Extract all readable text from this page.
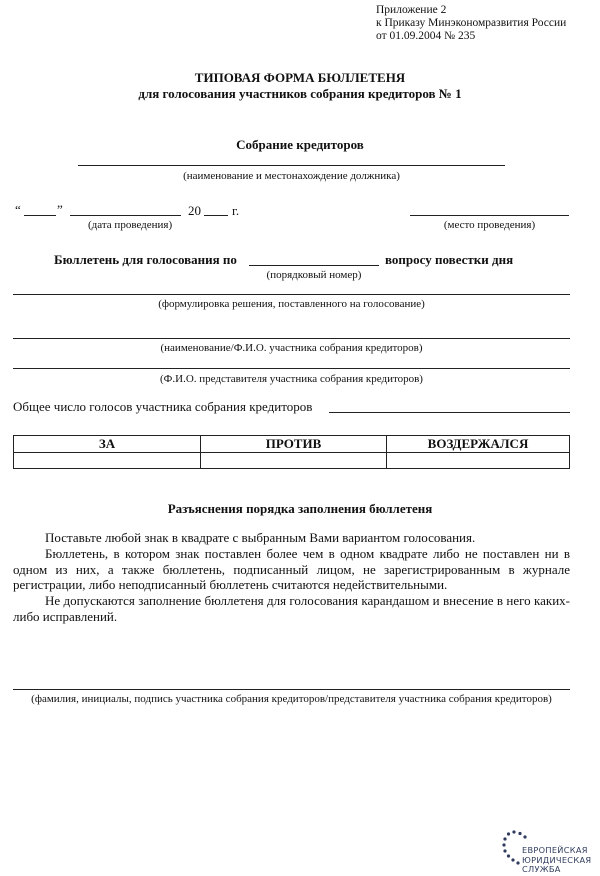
Приложение 2
к Приказу Минэкономразвития России
от 01.09.2004 № 235
ТИПОВАЯ ФОРМА БЮЛЛЕТЕНЯ
для голосования участников собрания кредиторов № 1
Собрание кредиторов
(наименование и местонахождение должника)
“	”	20 г.
(дата проведения)	(место проведения)
Бюллетень для голосования по	вопросу повестки дня
(порядковый номер)
(формулировка решения, поставленного на голосование)
(наименование/Ф.И.О. участника собрания кредиторов)
(Ф.И.О. представителя участника собрания кредиторов)
Общее число голосов участника собрания кредиторов
ЗА	ПРОТИВ	ВОЗДЕРЖАЛСЯ

Разъяснения порядка заполнения бюллетеня
Поставьте любой знак в квадрате с выбранным Вами вариантом голосования.
Бюллетень, в котором знак поставлен более чем в одном квадрате либо не поставлен ни в одном из них, а также бюллетень, подписанный лицом, не зарегистрированным в журнале регистрации, либо неподписанный бюллетень считаются недействительными.
Не допускаются заполнение бюллетеня для голосования карандашом и внесение в него каких-либо исправлений.
(фамилия, инициалы, подпись участника собрания кредиторов/представителя участника собрания кредиторов)
ЕВРОПЕЙСКАЯ
ЮРИДИЧЕСКАЯ
СЛУЖБА
